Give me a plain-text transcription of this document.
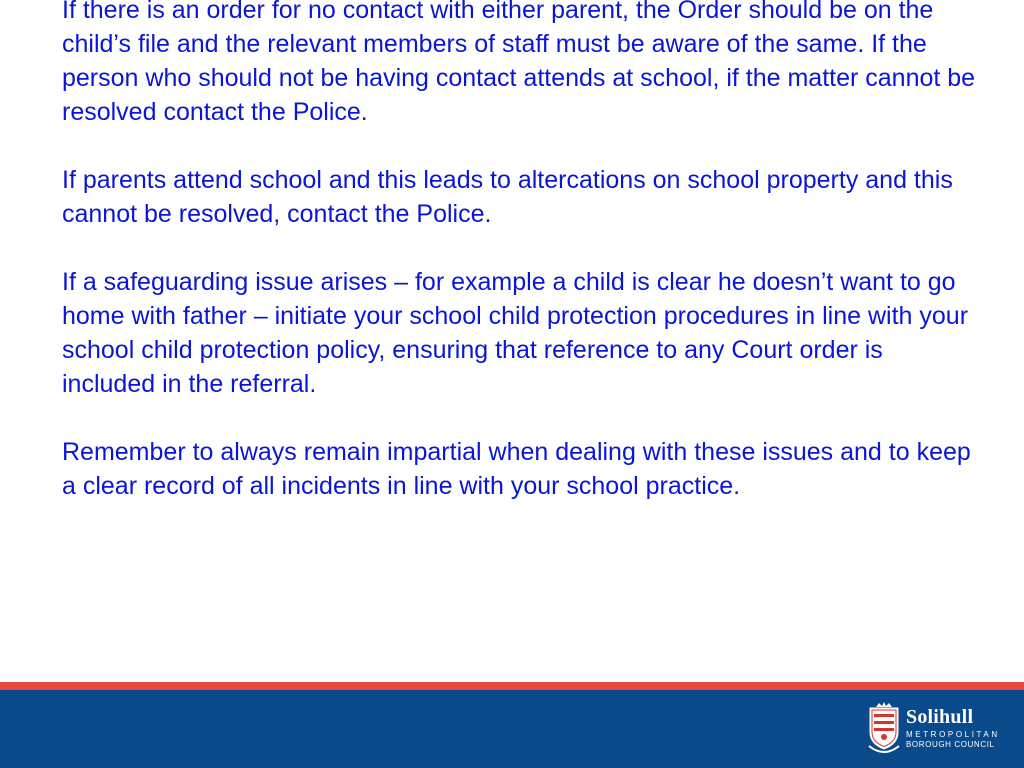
If there is an order for no contact with either parent, the Order should be on the child’s file and the relevant members of staff must be aware of the same. If the person who should not be having contact attends at school, if the matter cannot be resolved contact the Police.

If parents attend school and this leads to altercations on school property and this cannot be resolved, contact the Police.

If a safeguarding issue arises – for example a child is clear he doesn’t want to go home with father – initiate your school child protection procedures in line with your school child protection policy, ensuring that reference to any Court order is included in the referral.

Remember to always remain impartial when dealing with these issues and to keep a clear record of all incidents in line with your school practice.

Solihull
METROPOLITAN
BOROUGH COUNCIL
